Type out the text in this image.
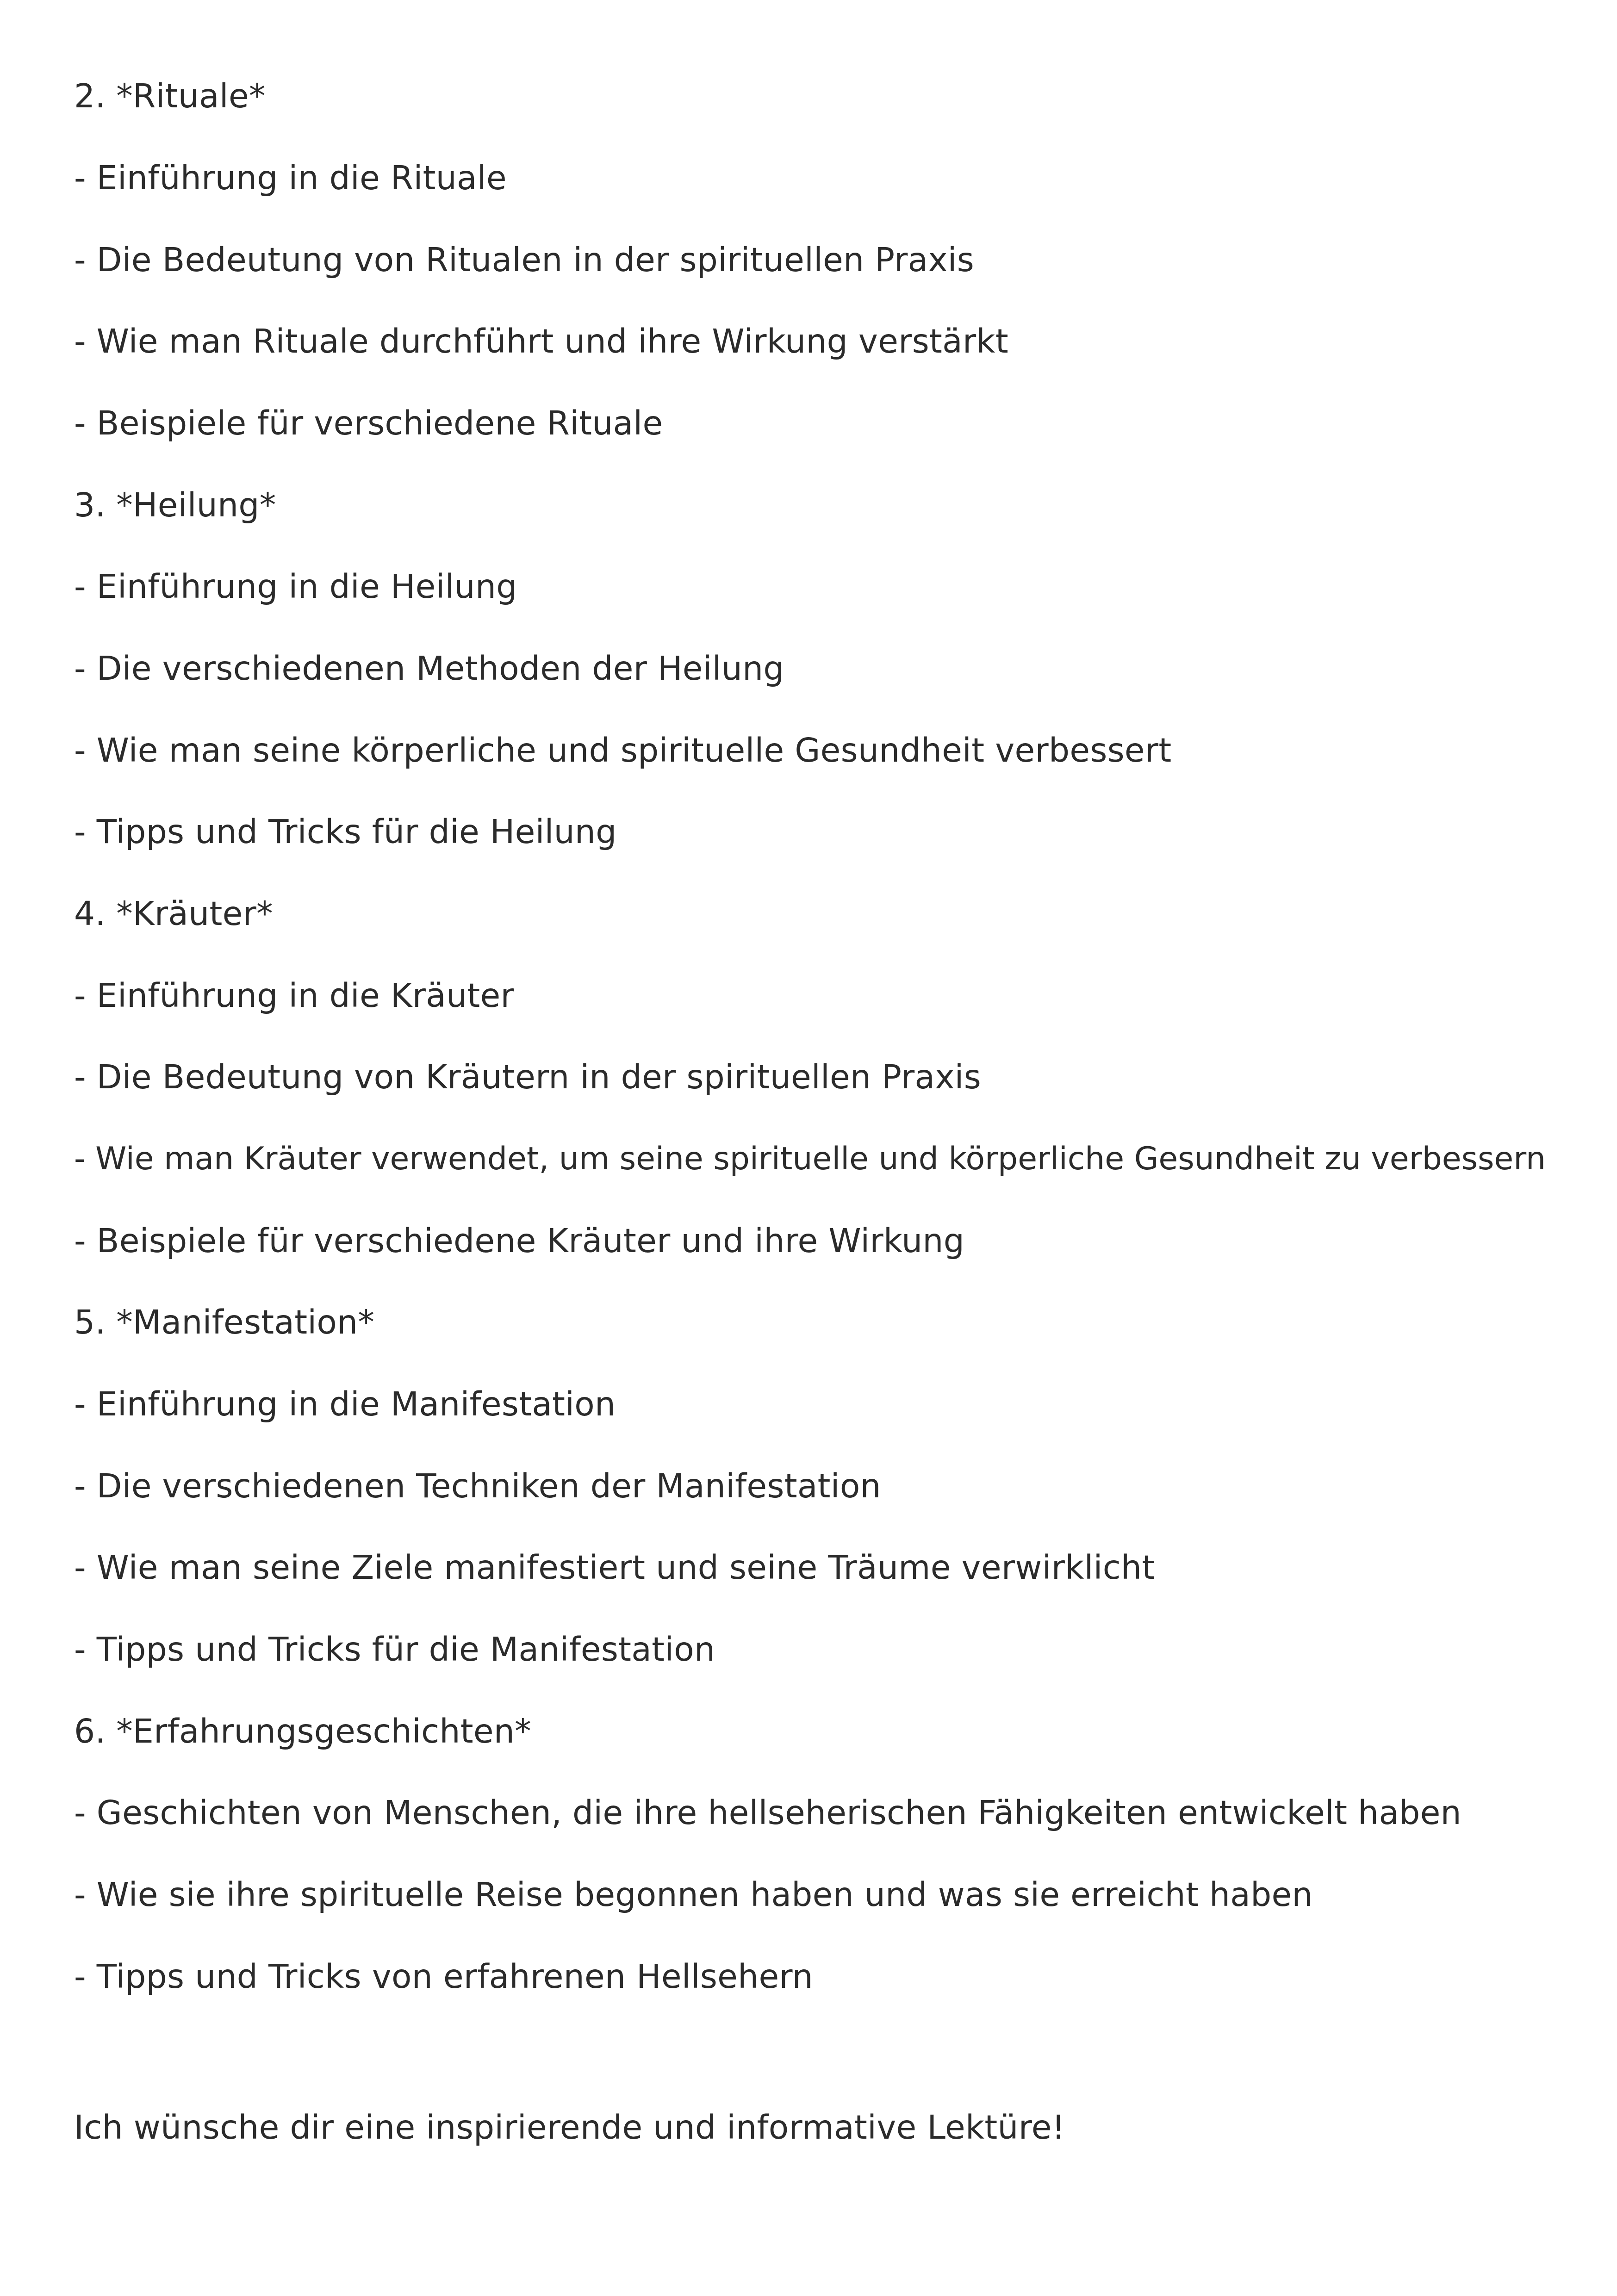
2. *Rituale*

- Einführung in die Rituale

- Die Bedeutung von Ritualen in der spirituellen Praxis

- Wie man Rituale durchführt und ihre Wirkung verstärkt

- Beispiele für verschiedene Rituale

3. *Heilung*

- Einführung in die Heilung

- Die verschiedenen Methoden der Heilung

- Wie man seine körperliche und spirituelle Gesundheit verbessert

- Tipps und Tricks für die Heilung

4. *Kräuter*

- Einführung in die Kräuter

- Die Bedeutung von Kräutern in der spirituellen Praxis

- Wie man Kräuter verwendet, um seine spirituelle und körperliche Gesundheit zu verbessern

- Beispiele für verschiedene Kräuter und ihre Wirkung

5. *Manifestation*

- Einführung in die Manifestation

- Die verschiedenen Techniken der Manifestation

- Wie man seine Ziele manifestiert und seine Träume verwirklicht

- Tipps und Tricks für die Manifestation

6. *Erfahrungsgeschichten*

- Geschichten von Menschen, die ihre hellseherischen Fähigkeiten entwickelt haben

- Wie sie ihre spirituelle Reise begonnen haben und was sie erreicht haben

- Tipps und Tricks von erfahrenen Hellsehern

Ich wünsche dir eine inspirierende und informative Lektüre!
